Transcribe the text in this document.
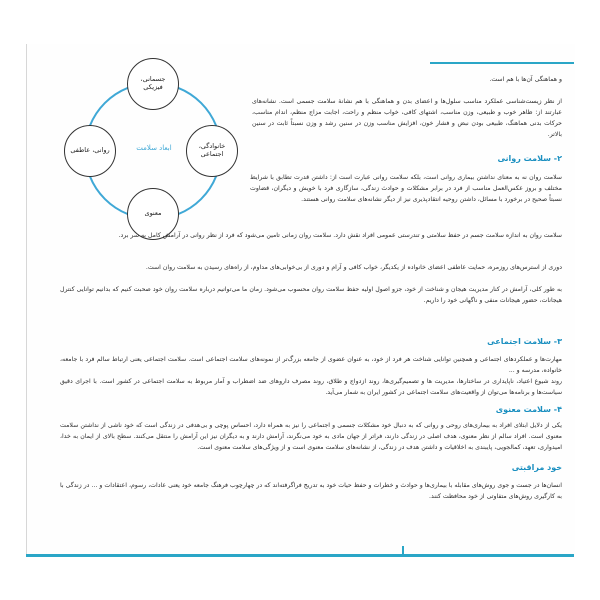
ابعاد سلامت
جسمانی، فیزیکی
خانوادگی، اجتماعی
معنوی
روانی، عاطفی

و هماهنگی آن‌ها با هم است.

از نظر زیست‌شناسی عملکرد مناسب سلول‌ها و اعضای بدن و هماهنگی با هم نشانهٔ سلامت جسمی است. نشانه‌های عبارتند از: ظاهر خوب و طبیعی، وزن مناسب، اشتهای کافی، خواب منظم و راحت، اجابت مزاج منظم، اندام مناسب، حرکات بدنی هماهنگ، طبیعی بودن نبض و فشار خون، افزایش مناسب وزن در سنین رشد و وزن نسبتاً ثابت در سنین بالاتر.

۲- سلامت روانی

سلامت روان نه به معنای نداشتن بیماری روانی است، بلکه سلامت روانی عبارت است از: داشتن قدرت تطابق با شرایط مختلف و بروز عکس‌العمل مناسب از فرد در برابر مشکلات و حوادث زندگی، سازگاری فرد با خویش و دیگران، قضاوت نسبتاً صحیح در برخورد با مسائل، داشتن روحیه انتقادپذیری نیز از دیگر نشانه‌های سلامت روانی هستند.

سلامت روان به اندازه سلامت جسم در حفظ سلامتی و تندرستی عمومی افراد نقش دارد. سلامت روان زمانی تامین می‌شود که فرد از نظر روانی در آرامش کامل به سر برد.

دوری از استرس‌های روزمره، حمایت عاطفی اعضای خانواده از یکدیگر، خواب کافی و آرام و دوری از بی‌خوابی‌های مداوم، از راه‌های رسیدن به سلامت روان است.

به طور کلی، آرامش در کنار مدیریت هیجان و شناخت از خود، جزو اصول اولیه حفظ سلامت روان محسوب می‌شود. زمان ما می‌توانیم درباره سلامت روان خود صحبت کنیم که بدانیم توانایی کنترل هیجانات، حضور هیجانات منفی و ناگهانی خود را داریم.

۳- سلامت اجتماعی

مهارت‌ها و عملکردهای اجتماعی و همچنین توانایی شناخت هر فرد از خود، به عنوان عضوی از جامعه بزرگ‌تر از نمونه‌های سلامت اجتماعی است. سلامت اجتماعی یعنی ارتباط سالم فرد با جامعه، خانواده، مدرسه و ...

روند شیوع اعتیاد، ناپایداری در ساختارها، مدیریت ها و تصمیم‌گیری‌ها، روند ازدواج و طلاق، روند مصرف داروهای ضد اضطراب و آمار مربوط به سلامت اجتماعی در کشور است. با اجرای دقیق سیاست‌ها و برنامه‌ها می‌توان از واقعیت‌های سلامت اجتماعی در کشور ایران به شمار می‌آید.

۴- سلامت معنوی

یکی از دلایل ابتلای افراد به بیماری‌های روحی و روانی که به دنبال خود مشکلات جسمی و اجتماعی را نیز به همراه دارد، احساس پوچی و بی‌هدفی در زندگی است که خود ناشی از نداشتن سلامت معنوی است. افراد سالم از نظر معنوی، هدف اصلی در زندگی دارند، فراتر از جهان مادی به خود می‌نگرند، آرامش دارند و به دیگران نیز این آرامش را منتقل می‌کنند. سطح بالای از ایمان به خدا، امیدواری، تعهد، کمالجویی، پایبندی به اخلاقیات و داشتن هدف در زندگی، از نشانه‌های سلامت معنوی است و از ویژگی‌های سلامت معنوی است.

خود مراقبتی

انسان‌ها در جست و جوی روش‌های مقابله با بیماری‌ها و حوادث و خطرات و حفظ حیات خود به تدریج فراگرفته‌اند که در چهارچوب فرهنگ جامعه خود یعنی عادات، رسوم، اعتقادات و ... در زندگی با به کارگیری روش‌های متفاوتی از خود محافظت کنند.
